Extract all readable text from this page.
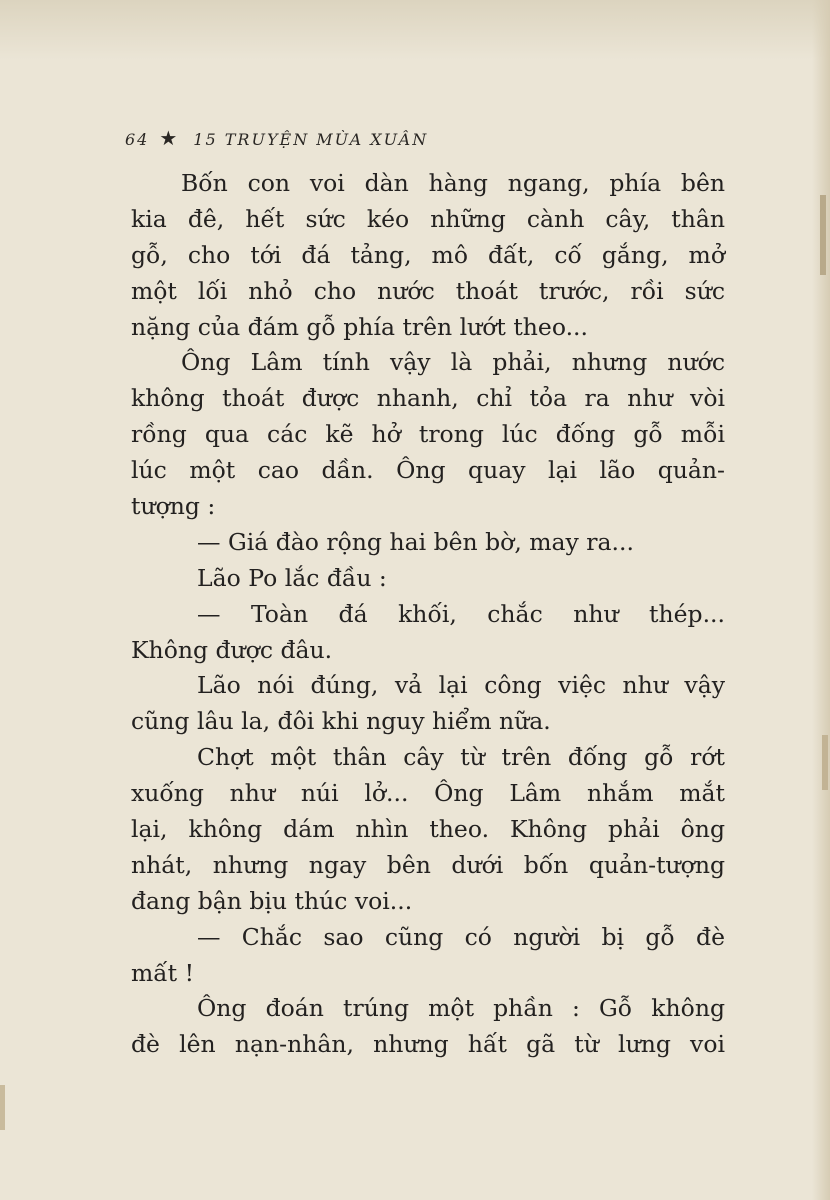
64 ★ 15 TRUYỆN MÙA XUÂN
Bốn con voi dàn hàng ngang, phía bên
kia đê, hết sức kéo những cành cây, thân
gỗ, cho tới đá tảng, mô đất, cố gắng, mở
một lối nhỏ cho nước thoát trước, rồi sức
nặng của đám gỗ phía trên lướt theo...
Ông Lâm tính vậy là phải, nhưng nước
không thoát được nhanh, chỉ tỏa ra như vòi
rồng qua các kẽ hở trong lúc đống gỗ mỗi
lúc một cao dần. Ông quay lại lão quản-
tượng :
— Giá đào rộng hai bên bờ, may ra...
Lão Po lắc đầu :
— Toàn đá khối, chắc như thép...
Không được đâu.
Lão nói đúng, vả lại công việc như vậy
cũng lâu la, đôi khi nguy hiểm nữa.
Chợt một thân cây từ trên đống gỗ rớt
xuống như núi lở... Ông Lâm nhắm mắt
lại, không dám nhìn theo. Không phải ông
nhát, nhưng ngay bên dưới bốn quản-tượng
đang bận bịu thúc voi...
— Chắc sao cũng có người bị gỗ đè
mất !
Ông đoán trúng một phần : Gỗ không
đè lên nạn-nhân, nhưng hất gã từ lưng voi
